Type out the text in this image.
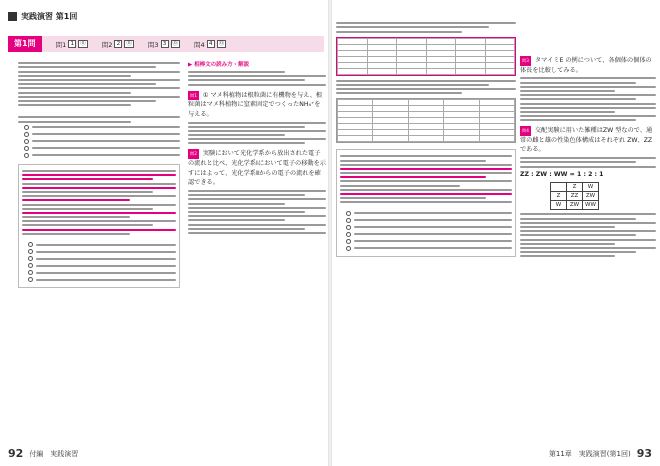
実践演習 第1回
第1問	問1 1	⓪	問2 2	⓪	問3 3	⓪	問4 4	⓪
▶ 相棒文の読み方・解説
問1 ① マメ科植物は根粒菌に有機物を与え、根粒菌はマメ科植物に窒素固定でつくったNH₄⁺を与える。
問2 実験において光化学系から放出された電子の流れと比べ、光化学系Ⅰにおいて電子の移動を示すにはよって、光化学系Ⅱからの電子の流れを確認できる。
92 付編　実践演習

問3 タマイミΕ の例について、各個体の個体の体長を比較してみる。
問4 交配実験に用いた雑種はZW 型なので、通常の雌と雄の性染色体構成はそれぞれ ZW、ZZ である。
ZZ : ZW : WW = 1 : 2 : 1
	Z	W
Z	ZZ	ZW
W	ZW	WW
第11章　実践演習(第1回) 93
